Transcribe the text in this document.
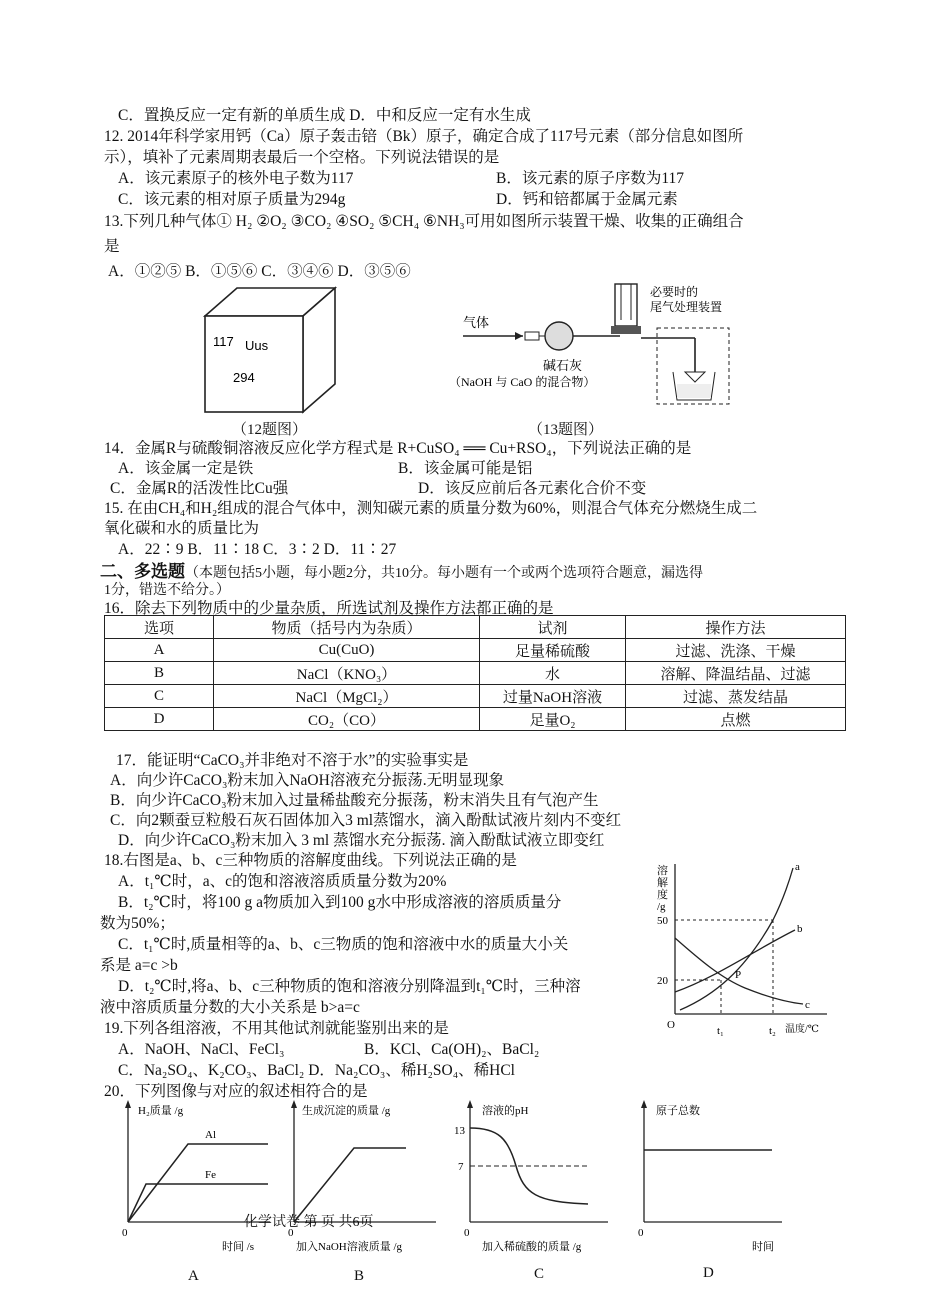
C．置换反应一定有新的单质生成 D．中和反应一定有水生成
12. 2014年科学家用钙（Ca）原子轰击锫（Bk）原子，确定合成了117号元素（部分信息如图所
示），填补了元素周期表最后一个空格。下列说法错误的是
A．该元素原子的核外电子数为117	B．该元素的原子序数为117
C．该元素的相对原子质量为294g	D．钙和锫都属于金属元素
13.下列几种气体① H₂ ②O₂ ③CO₂ ④SO₂ ⑤CH₄ ⑥NH₃可用如图所示装置干燥、收集的正确组合
是
A．①②⑤ B．①⑤⑥ C．③④⑥ D．③⑤⑥
117 Uus
294
（12题图）
气体
碱石灰
必要时的
尾气处理装置
（NaOH 与 CaO 的混合物）
（13题图）
14．金属R与硫酸铜溶液反应化学方程式是 R+CuSO₄ ══ Cu+RSO₄，下列说法正确的是
A．该金属一定是铁	B．该金属可能是铝
C．金属R的活泼性比Cu强	D．该反应前后各元素化合价不变
15. 在由CH₄和H₂组成的混合气体中，测知碳元素的质量分数为60%，则混合气体充分燃烧生成二
氧化碳和水的质量比为
A．22∶9 B．11∶18 C．3∶2 D．11∶27
二、多选题（本题包括5小题，每小题2分，共10分。每小题有一个或两个选项符合题意，漏选得
1分，错选不给分。）
16．除去下列物质中的少量杂质，所选试剂及操作方法都正确的是
选项	物质（括号内为杂质）	试剂	操作方法
A	Cu(CuO)	足量稀硫酸	过滤、洗涤、干燥
B	NaCl（KNO₃）	水	溶解、降温结晶、过滤
C	NaCl（MgCl₂）	过量NaOH溶液	过滤、蒸发结晶
D	CO₂（CO）	足量O₂	点燃
17．能证明“CaCO₃并非绝对不溶于水”的实验事实是
A．向少许CaCO₃粉末加入NaOH溶液充分振荡.无明显现象
B．向少许CaCO₃粉末加入过量稀盐酸充分振荡，粉末消失且有气泡产生
C．向2颗蚕豆粒般石灰石固体加入3 ml蒸馏水，滴入酚酞试液片刻内不变红
D．向少许CaCO₃粉末加入 3 ml 蒸馏水充分振荡. 滴入酚酞试液立即变红
18.右图是a、b、c三种物质的溶解度曲线。下列说法正确的是
A．t₁℃时，a、c的饱和溶液溶质质量分数为20%
B．t₂℃时，将100 g a物质加入到100 g水中形成溶液的溶质质量分
数为50%；
C．t₁℃时,质量相等的a、b、c三物质的饱和溶液中水的质量大小关
系是 a=c >b
D．t₂℃时,将a、b、c三种物质的饱和溶液分别降温到t₁℃时，三种溶
液中溶质质量分数的大小关系是 b>a=c
19.下列各组溶液，不用其他试剂就能鉴别出来的是
A．NaOH、NaCl、FeCl₃	B．KCl、Ca(OH)₂、BaCl₂
C．Na₂SO₄、K₂CO₃、BaCl₂ D．Na₂CO₃、稀H₂SO₄、稀HCl
20．下列图像与对应的叙述相符合的是
溶
解
度
/g
50
20
O	t₁	t₂ 温度/℃
a
b
c
P
H₂质量 /g
0
Al
Fe
时间 /s
生成沉淀的质量 /g
0
加入NaOH溶液质量 /g
溶液的pH
13
7
0
加入稀硫酸的质量 /g
原子总数
0
时间
化学试卷 第 页 共6页
A	B	C	D
